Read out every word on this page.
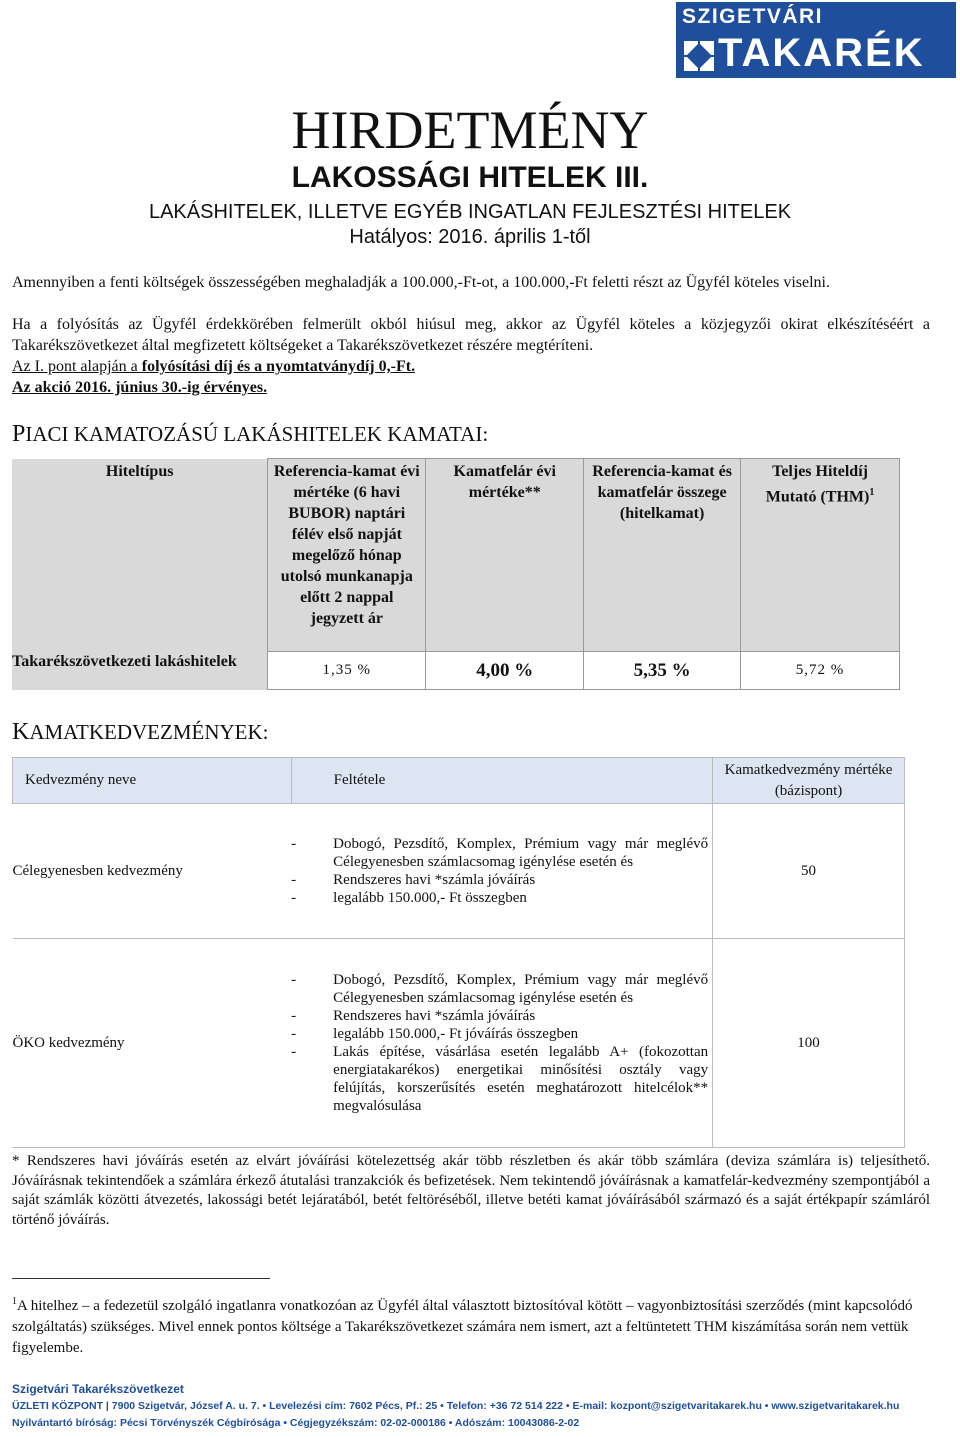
SZIGETVÁRI
TAKARÉK
HIRDETMÉNY
LAKOSSÁGI HITELEK III.
LAKÁSHITELEK, ILLETVE EGYÉB INGATLAN FEJLESZTÉSI HITELEK
Hatályos: 2016. április 1-től
Amennyiben a fenti költségek összességében meghaladják a 100.000,-Ft-ot, a 100.000,-Ft feletti részt az Ügyfél köteles viselni.
Ha a folyósítás az Ügyfél érdekkörében felmerült okból hiúsul meg, akkor az Ügyfél köteles a közjegyzői okirat elkészítéséért a Takarékszövetkezet által megfizetett költségeket a Takarékszövetkezet részére megtéríteni.
Az I. pont alapján a folyósítási díj és a nyomtatványdíj 0,-Ft.
Az akció 2016. június 30.-ig érvényes.
PIACI KAMATOZÁSÚ LAKÁSHITELEK KAMATAI:
Hiteltípus	Referencia-kamat évi mértéke (6 havi BUBOR) naptári félév első napját megelőző hónap utolsó munkanapja előtt 2 nappal jegyzett ár	Kamatfelár évi mértéke**	Referencia-kamat és kamatfelár összege (hitelkamat)	Teljes Hiteldíj Mutató (THM)$^1$
Takarékszövetkezeti lakáshitelek	1,35 %	4,00 %	5,35 %	5,72 %
KAMATKEDVEZMÉNYEK:
Kedvezmény neve	Feltétele	Kamatkedvezmény mértéke (bázispont)
Célegyenesben kedvezmény	
-	Dobogó, Pezsdítő, Komplex, Prémium vagy már meglévő Célegyenesben számlacsomag igénylése esetén és
-	Rendszeres havi *számla jóváírás
-	legalább 150.000,- Ft összegben
	50
ÖKO kedvezmény	
-	Dobogó, Pezsdítő, Komplex, Prémium vagy már meglévő Célegyenesben számlacsomag igénylése esetén és
-	Rendszeres havi *számla jóváírás
-	legalább 150.000,- Ft jóváírás összegben
-	Lakás építése, vásárlása esetén legalább A+ (fokozottan energiatakarékos) energetikai minősítési osztály vagy felújítás, korszerűsítés esetén meghatározott hitelcélok** megvalósulása
	100
* Rendszeres havi jóváírás esetén az elvárt jóváírási kötelezettség akár több részletben és akár több számlára (deviza számlára is) teljesíthető. Jóváírásnak tekintendőek a számlára érkező átutalási tranzakciók és befizetések. Nem tekintendő jóváírásnak a kamatfelár-kedvezmény szempontjából a saját számlák közötti átvezetés, lakossági betét lejáratából, betét feltöréséből, illetve betéti kamat jóváírásából származó és a saját értékpapír számláról történő jóváírás.
$^1$A hitelhez – a fedezetül szolgáló ingatlanra vonatkozóan az Ügyfél által választott biztosítóval kötött – vagyonbiztosítási szerződés (mint kapcsolódó szolgáltatás) szükséges. Mivel ennek pontos költsége a Takarékszövetkezet számára nem ismert, azt a feltüntetett THM kiszámítása során nem vettük figyelembe.
Szigetvári Takarékszövetkezet
ÜZLETI KÖZPONT | 7900 Szigetvár, József A. u. 7. • Levelezési cím: 7602 Pécs, Pf.: 25 • Telefon: +36 72 514 222 • E-mail: kozpont@szigetvaritakarek.hu • www.szigetvaritakarek.hu
Nyilvántartó bíróság: Pécsi Törvényszék Cégbírósága • Cégjegyzékszám: 02-02-000186 • Adószám: 10043086-2-02
